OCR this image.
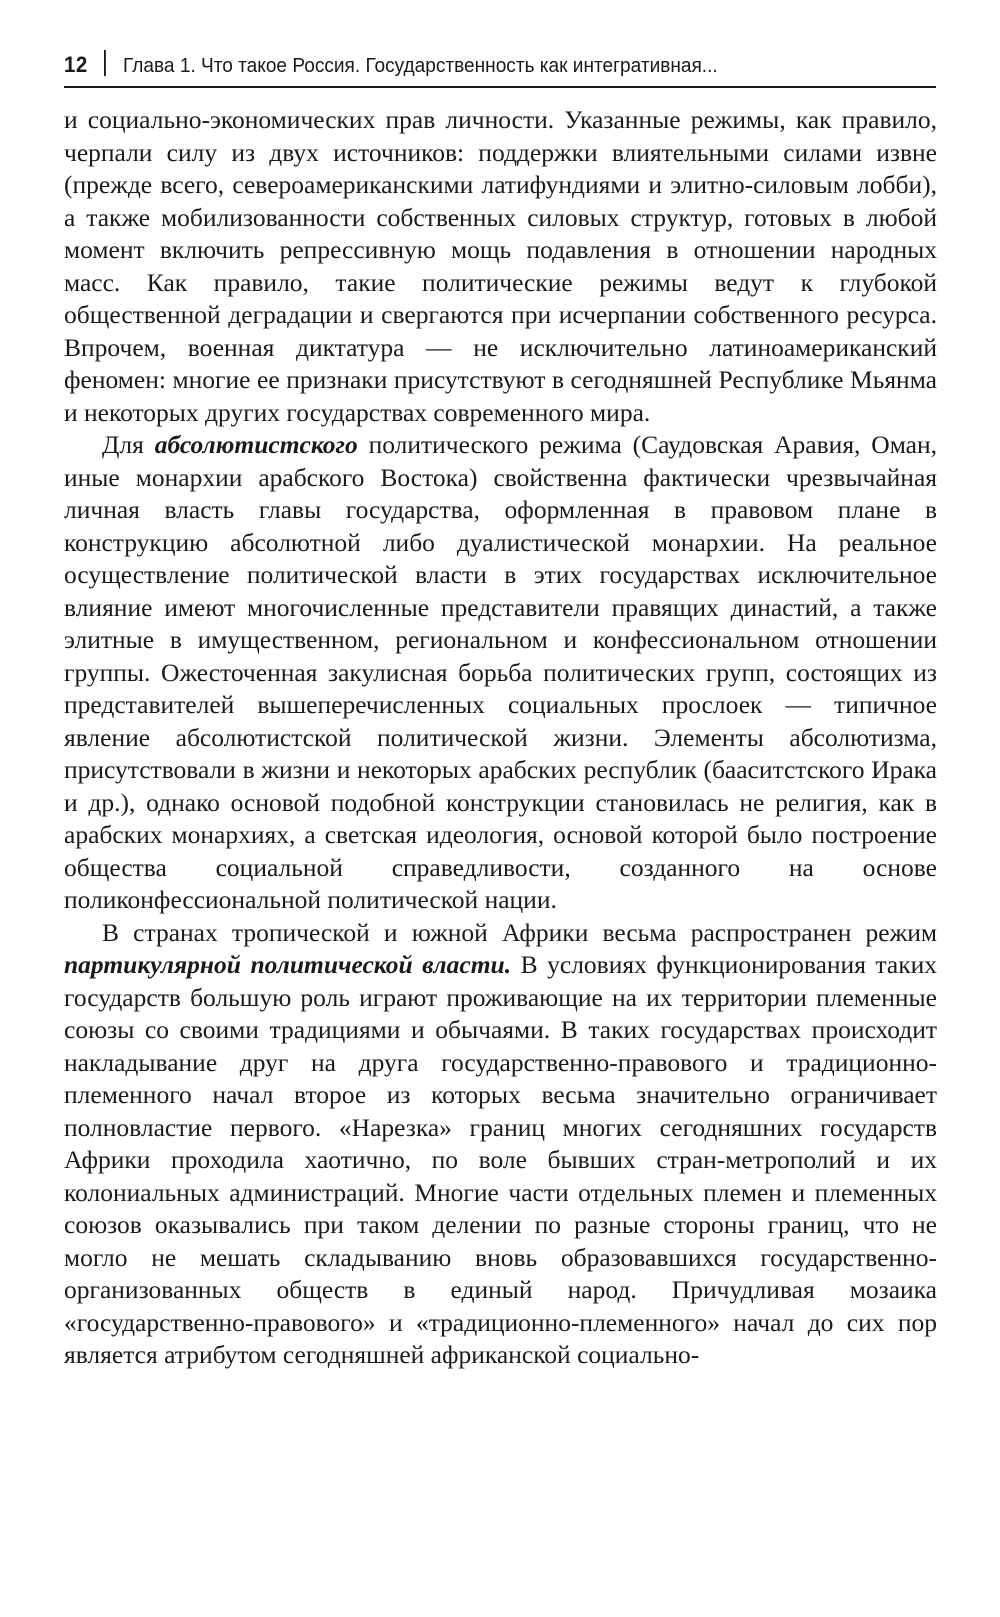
12 Глава 1. Что такое Россия. Государственность как интегративная...

и социально-экономических прав личности. Указанные режимы, как правило, черпали силу из двух источников: поддержки влиятельными силами извне (прежде всего, североамериканскими латифундиями и элитно-силовым лобби), а также мобилизованности собственных силовых структур, готовых в любой момент включить репрессивную мощь подавления в отношении народных масс. Как правило, такие политические режимы ведут к глубокой общественной деградации и свергаются при исчерпании собственного ресурса. Впрочем, военная диктатура — не исключительно латиноамериканский феномен: многие ее признаки присутствуют в сегодняшней Республике Мьянма и некоторых других государствах современного мира.

Для абсолютистского политического режима (Саудовская Аравия, Оман, иные монархии арабского Востока) свойственна фактически чрезвычайная личная власть главы государства, оформленная в правовом плане в конструкцию абсолютной либо дуалистической монархии. На реальное осуществление политической власти в этих государствах исключительное влияние имеют многочисленные представители правящих династий, а также элитные в имущественном, региональном и конфессиональном отношении группы. Ожесточенная закулисная борьба политических групп, состоящих из представителей вышеперечисленных социальных прослоек — типичное явление абсолютистской политической жизни. Элементы абсолютизма, присутствовали в жизни и некоторых арабских республик (бааситстского Ирака и др.), однако основой подобной конструкции становилась не религия, как в арабских монархиях, а светская идеология, основой которой было построение общества социальной справедливости, созданного на основе поликонфессиональной политической нации.

В странах тропической и южной Африки весьма распространен режим партикулярной политической власти. В условиях функционирования таких государств большую роль играют проживающие на их территории племенные союзы со своими традициями и обычаями. В таких государствах происходит накладывание друг на друга государственно-правового и традиционно-племенного начал второе из которых весьма значительно ограничивает полновластие первого. «Нарезка» границ многих сегодняшних государств Африки проходила хаотично, по воле бывших стран-метрополий и их колониальных администраций. Многие части отдельных племен и племенных союзов оказывались при таком делении по разные стороны границ, что не могло не мешать складыванию вновь образовавшихся государственно-организованных обществ в единый народ. Причудливая мозаика «государственно-правового» и «традиционно-племенного» начал до сих пор является атрибутом сегодняшней африканской социально-
